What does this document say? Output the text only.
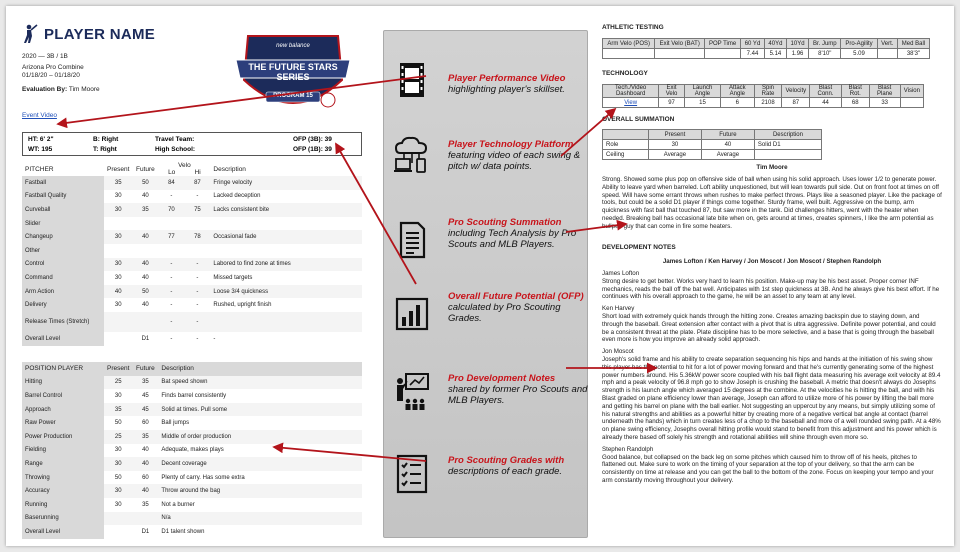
PLAYER NAME
2020 — 3B / 1B
Arizona Pro Combine
01/18/20 – 01/18/20
Evaluation By: Tim Moore
Event Video
new balance
THE FUTURE STARS SERIES
PROGRAM 15
HT: 6' 2"
WT: 195
B: Right
T: Right
Travel Team:
High School:
OFP (3B): 39
OFP (1B): 39
PITCHER	Present	Future	Velo
Lo Hi		Description
Fastball	35	50	84	87	Fringe velocity
Fastball Quality	30	40	-	-	Lacked deception
Curveball	30	35	70	75	Lacks consistent bite
Slider					
Changeup	30	40	77	78	Occasional fade
Other					
Control	30	40	-	-	Labored to find zone at times
Command	30	40	-	-	Missed targets
Arm Action	40	50	-	-	Loose 3/4 quickness
Delivery	30	40	-	-	Rushed, upright finish
Release Times (Stretch)			-	-	
Overall Level		D1	-	-	-
POSITION PLAYER	Present	Future	Description
Hitting	25	35	Bat speed shown
Barrel Control	30	45	Finds barrel consistently
Approach	35	45	Solid at times. Pull some
Raw Power	50	60	Ball jumps
Power Production	25	35	Middle of order production
Fielding	30	40	Adequate, makes plays
Range	30	40	Decent coverage
Throwing	50	60	Plenty of carry. Has some extra
Accuracy	30	40	Throw around the bag
Running	30	35	Not a burner
Baserunning			N/a
Overall Level		D1	D1 talent shown
Player Performance Video
highlighting player's skillset.
Player Technology Platform
featuring video of each swing & pitch w/ data points.
Pro Scouting Summation
including Tech Analysis by Pro Scouts and MLB Players.
Overall Future Potential (OFP)
calculated by Pro Scouting Grades.
Pro Development Notes
shared by former Pro Scouts and MLB Players.
Pro Scouting Grades with
descriptions of each grade.
ATHLETIC TESTING
Arm Velo (POS)	Exit Velo (BAT)	POP Time	60 Yd	40Yd	10Yd	Br. Jump	Pro-Agility	Vert.	Med Ball
			7.44	5.14	1.96	8'10"	5.09		38'3"
TECHNOLOGY
Tech./Video Dashboard	Exit Velo	Launch Angle	Attack Angle	Spin Rate	Velocity	Blast Conn.	Blast Rot.	Blast Plane	Vision
View	97	15	6	2108	87	44	68	33	
OVERALL SUMMATION
	Present	Future	Description
Role	30	40	Solid D1
Ceiling	Average	Average	
Tim Moore
Strong. Showed some plus pop on offensive side of ball when using his solid approach. Uses lower 1/2 to generate power. Ability to leave yard when barreled. Loft ability unquestioned, but will lean towards pull side. Out on front foot at times on off speed. Will have some errant throws when rushes to make perfect throws. Plays like a seasoned player. Like the package of tools, but could be a solid D1 player if things come together. Sturdy frame, well built. Aggressive on the bump, arm quickness with fast ball that touched 87, but saw more in the tank. Did challenges hitters, went with the heater when needed. Breaking ball has occasional late bite when on, gets around at times, creates spinners, I like the arm potential as bullpen guy that can come in fire some heaters.
DEVELOPMENT NOTES
James Lofton / Ken Harvey / Jon Moscot / Jon Moscot / Stephen Randolph
James Lofton
Strong desire to get better. Works very hard to learn his position. Make-up may be his best asset. Proper corner INF mechanics, reads the ball off the bat well. Anticipates with 1st step quickness at 3B. And he always give his best effort. If he continues with his overall approach to the game, he will be an asset to any team at any level.
Ken Harvey
Short load with extremely quick hands through the hitting zone. Creates amazing backspin due to staying down, and through the baseball. Great extension after contact with a pivot that is ultra aggressive. Definite power potential, and could be a consistent threat at the plate. Plate discipline has to be more selective, and a base that is going through the baseball even more is how you improve an already solid approach.
Jon Moscot
Joseph's solid frame and his ability to create separation sequencing his hips and hands at the initiation of his swing show this player has the potential to hit for a lot of power moving forward and that he's currently generating some of the highest power numbers around. His 5.36kW power score coupled with his ball flight data measuring his average exit velocity at 89.4 mph and a peak velocity of 96.8 mph go to show Joseph is crushing the baseball. A metric that doesn't always do Josephs strength is his launch angle which averaged 15 degrees at the combine. At the velocities he is hitting the ball, and with his Blast graded on plane efficiency lower than average, Joseph can afford to utilize more of his power by lifting the ball more and getting his barrel on plane with the ball earlier. Not suggesting an uppercut by any means, but simply utilizing some of his natural strengths and abilities as a powerful hitter by creating more of a negative vertical bat angle at contact (barrel underneath the hands) which in turn creates less of a chop to the baseball and more of a well rounded swing path. At a 48% on plane swing efficiency, Josephs overall hitting profile would stand to benefit from this adjustment and his power which is already there based off solely his strength and rotational abilities will shine through even more so.
Stephen Randolph
Good balance, but collapsed on the back leg on some pitches which caused him to throw off of his heels, pitches to flattened out. Make sure to work on the timing of your separation at the top of your delivery, so that the arm can be consistently on time at release and you can get the ball to the bottom of the zone. Focus on keeping your tempo and your arm constantly moving throughout your delivery.
